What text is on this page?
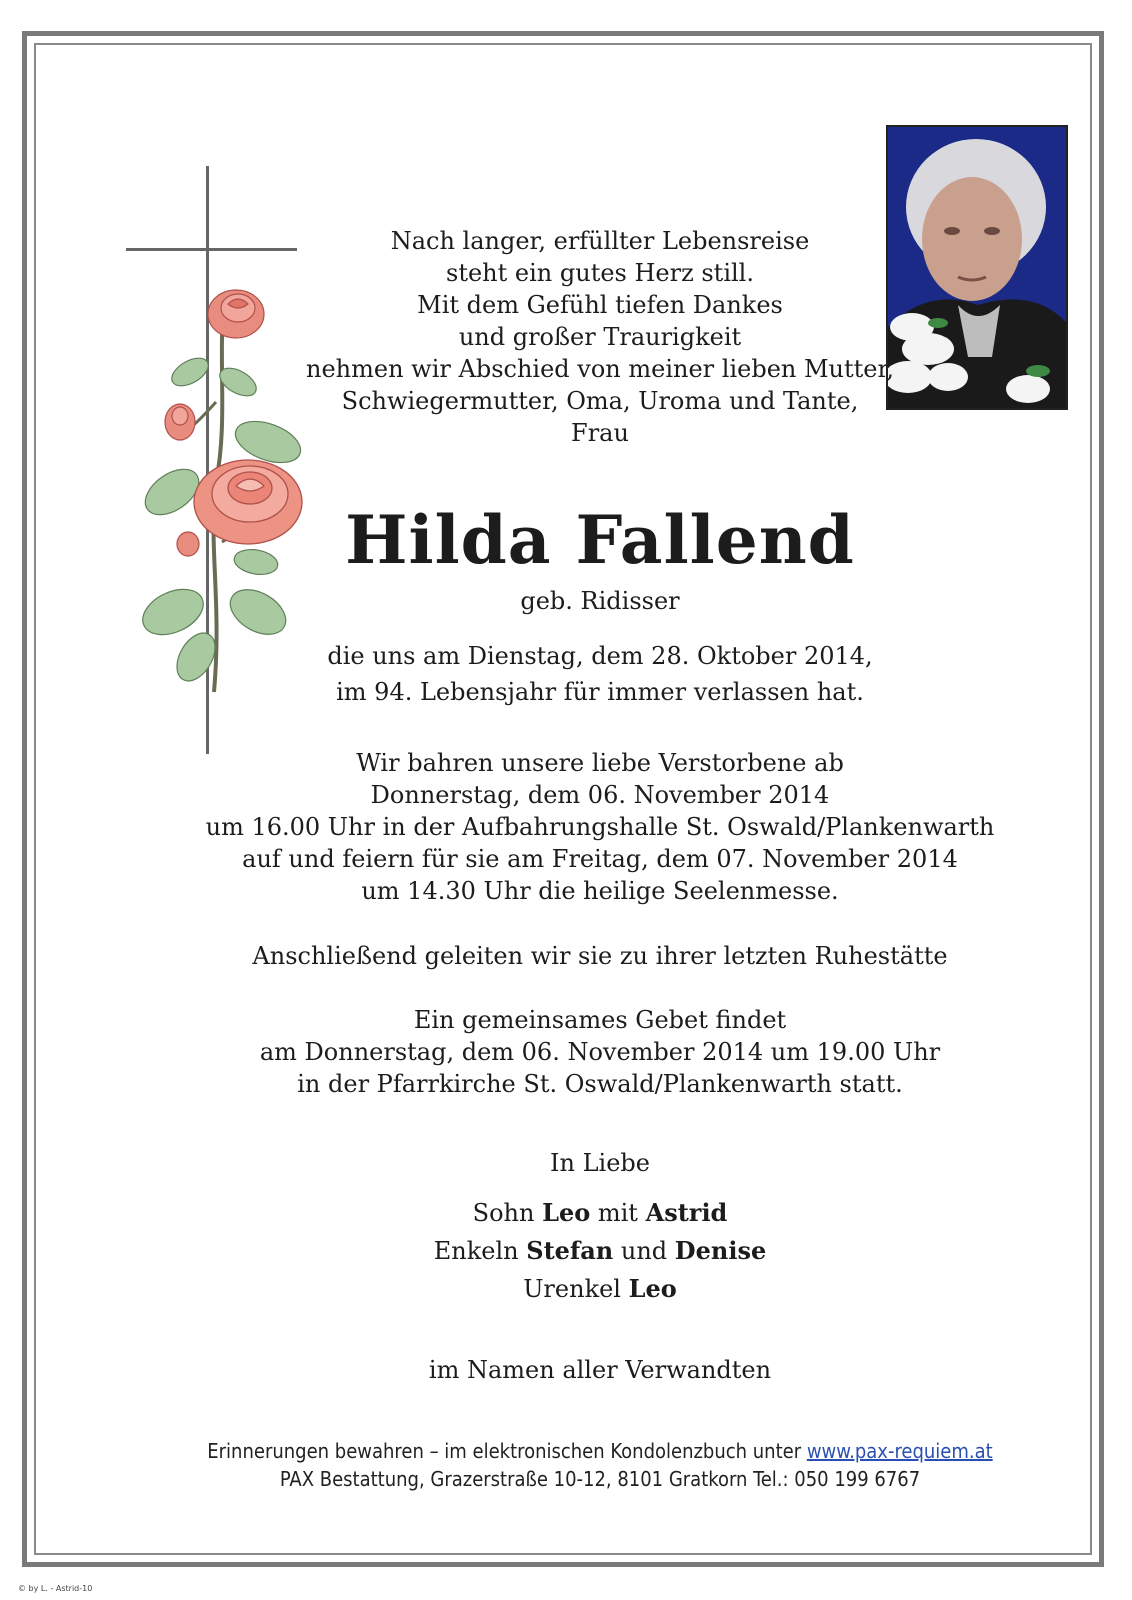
Nach langer, erfüllter Lebensreise
steht ein gutes Herz still.
Mit dem Gefühl tiefen Dankes
und großer Traurigkeit
nehmen wir Abschied von meiner lieben Mutter,
Schwiegermutter, Oma, Uroma und Tante,
Frau
Hilda Fallend
geb. Ridisser
die uns am Dienstag, dem 28. Oktober 2014,
im 94. Lebensjahr für immer verlassen hat.
Wir bahren unsere liebe Verstorbene ab
Donnerstag, dem 06. November 2014
um 16.00 Uhr in der Aufbahrungshalle St. Oswald/Plankenwarth
auf und feiern für sie am Freitag, dem 07. November 2014
um 14.30 Uhr die heilige Seelenmesse.
Anschließend geleiten wir sie zu ihrer letzten Ruhestätte
Ein gemeinsames Gebet findet
am Donnerstag, dem 06. November 2014 um 19.00 Uhr
in der Pfarrkirche St. Oswald/Plankenwarth statt.
In Liebe
Sohn Leo mit Astrid
Enkeln Stefan und Denise
Urenkel Leo
im Namen aller Verwandten
Erinnerungen bewahren – im elektronischen Kondolenzbuch unter www.pax-requiem.at
PAX Bestattung, Grazerstraße 10-12, 8101 Gratkorn Tel.: 050 199 6767
© by L. - Astrid-10
